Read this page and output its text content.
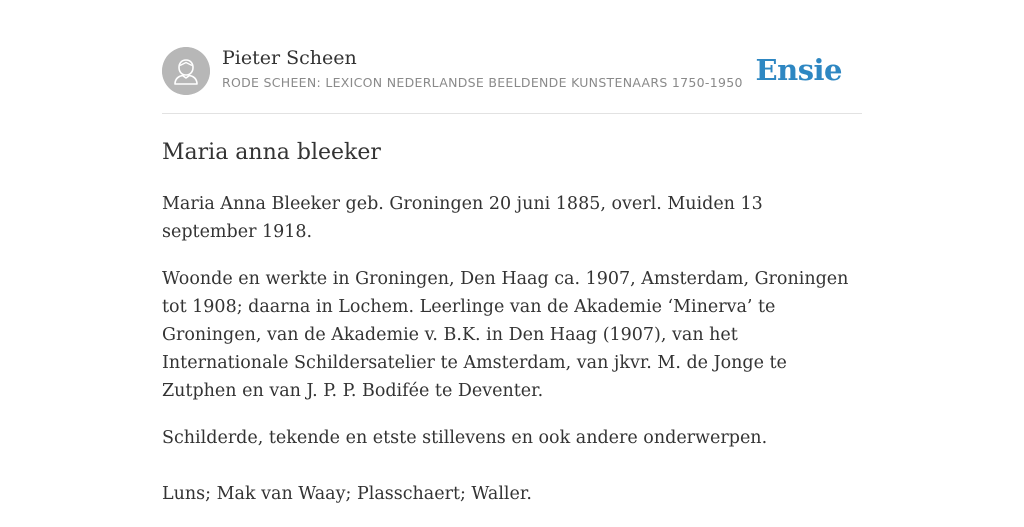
Pieter Scheen
RODE SCHEEN: LEXICON NEDERLANDSE BEELDENDE KUNSTENAARS 1750-1950 Ensie
Maria anna bleeker

Maria Anna Bleeker geb. Groningen 20 juni 1885, overl. Muiden 13 september 1918.

Woonde en werkte in Groningen, Den Haag ca. 1907, Amsterdam, Groningen tot 1908; daarna in Lochem. Leerlinge van de Akademie ‘Minerva’ te Groningen, van de Akademie v. B.K. in Den Haag (1907), van het Internationale Schildersatelier te Amsterdam, van jkvr. M. de Jonge te Zutphen en van J. P. P. Bodifée te Deventer.

Schilderde, tekende en etste stillevens en ook andere onderwerpen.

Luns; Mak van Waay; Plasschaert; Waller.
